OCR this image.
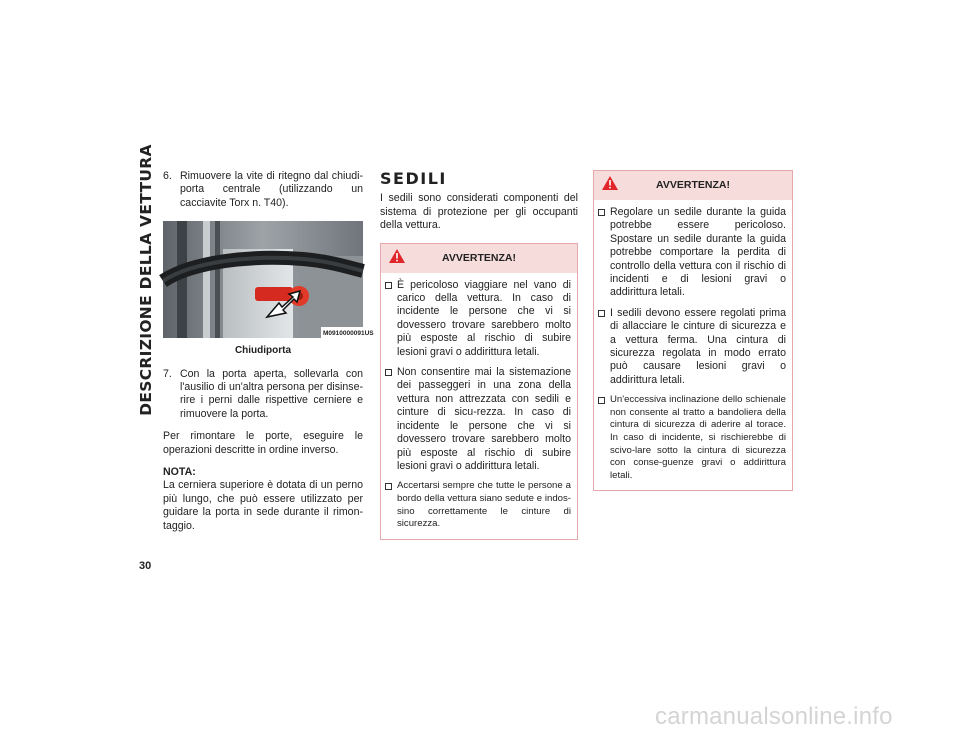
DESCRIZIONE DELLA VETTURA
30
6. Rimuovere la vite di ritegno dal chiudi-porta centrale (utilizzando un cacciavite Torx n. T40).
M0910000091US
Chiudiporta
7. Con la porta aperta, sollevarla con l'ausilio di un'altra persona per disinse-rire i perni dalle rispettive cerniere e rimuovere la porta.

Per rimontare le porte, eseguire le operazioni descritte in ordine inverso.

NOTA:

La cerniera superiore è dotata di un perno più lungo, che può essere utilizzato per guidare la porta in sede durante il rimon-taggio.

SEDILI

I sedili sono considerati componenti del sistema di protezione per gli occupanti della vettura.

AVVERTENZA!
È pericoloso viaggiare nel vano di carico della vettura. In caso di incidente le persone che vi si dovessero trovare sarebbero molto più esposte al rischio di subire lesioni gravi o addirittura letali.
Non consentire mai la sistemazione dei passeggeri in una zona della vettura non attrezzata con sedili e cinture di sicu-rezza. In caso di incidente le persone che vi si dovessero trovare sarebbero molto più esposte al rischio di subire lesioni gravi o addirittura letali.
Accertarsi sempre che tutte le persone a bordo della vettura siano sedute e indos-sino correttamente le cinture di sicurezza.
AVVERTENZA!
Regolare un sedile durante la guida potrebbe essere pericoloso. Spostare un sedile durante la guida potrebbe comportare la perdita di controllo della vettura con il rischio di incidenti e di lesioni gravi o addirittura letali.
I sedili devono essere regolati prima di allacciare le cinture di sicurezza e a vettura ferma. Una cintura di sicurezza regolata in modo errato può causare lesioni gravi o addirittura letali.
Un'eccessiva inclinazione dello schienale non consente al tratto a bandoliera della cintura di sicurezza di aderire al torace. In caso di incidente, si rischierebbe di scivo-lare sotto la cintura di sicurezza con conse-guenze gravi o addirittura letali.
carmanualsonline.info
